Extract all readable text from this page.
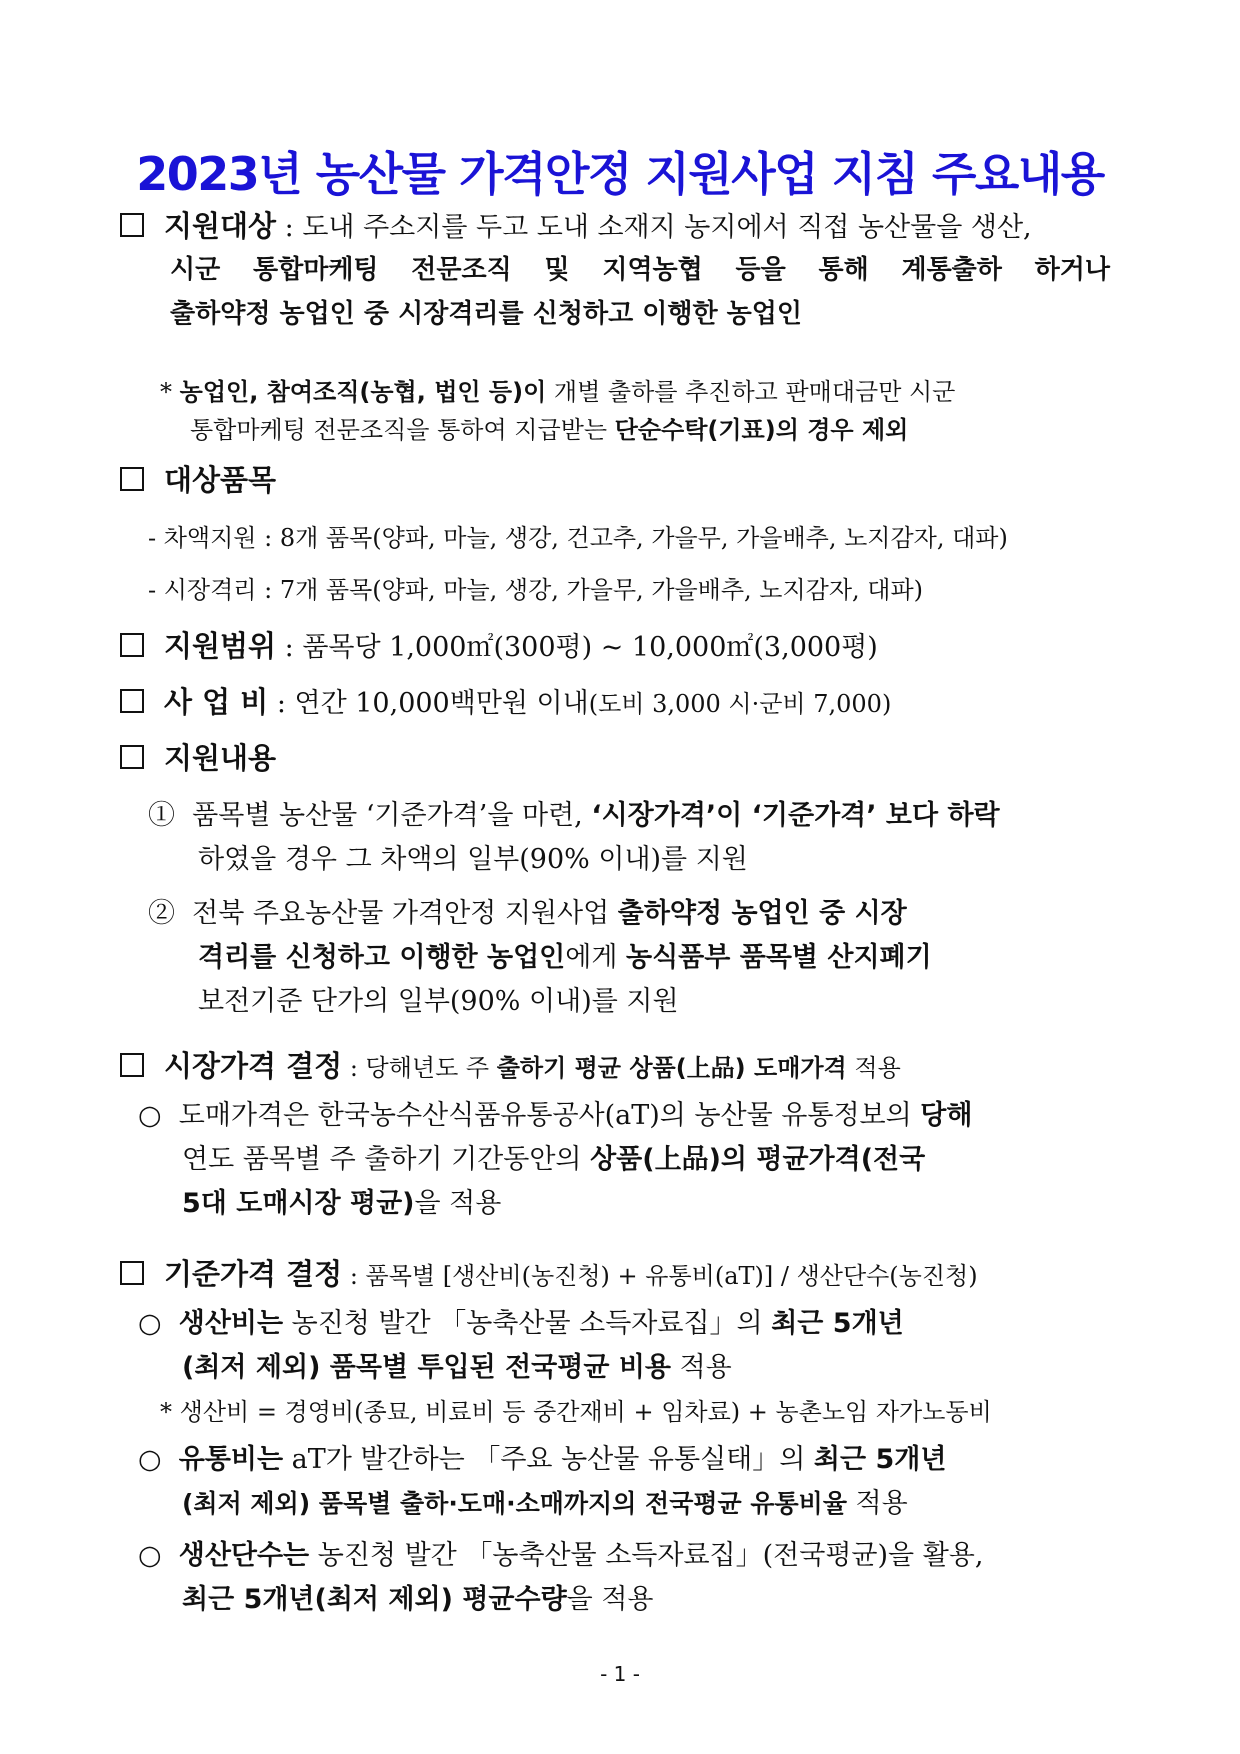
2023년 농산물 가격안정 지원사업 지침 주요내용
지원대상 : 도내 주소지를 두고 도내 소재지 농지에서 직접 농산물을 생산,
시군 통합마케팅 전문조직 및 지역농협 등을 통해 계통출하 하거나
출하약정 농업인 중 시장격리를 신청하고 이행한 농업인
* 농업인, 참여조직(농협, 법인 등)이 개별 출하를 추진하고 판매대금만 시군
통합마케팅 전문조직을 통하여 지급받는 단순수탁(기표)의 경우 제외
대상품목
- 차액지원 : 8개 품목(양파, 마늘, 생강, 건고추, 가을무, 가을배추, 노지감자, 대파)
- 시장격리 : 7개 품목(양파, 마늘, 생강, 가을무, 가을배추, 노지감자, 대파)
지원범위 : 품목당 1,000㎡(300평) ~ 10,000㎡(3,000평)
사 업 비 : 연간 10,000백만원 이내(도비 3,000 시·군비 7,000)
지원내용
① 품목별 농산물 ‘기준가격’을 마련, ‘시장가격’이 ‘기준가격’ 보다 하락
하였을 경우 그 차액의 일부(90% 이내)를 지원
② 전북 주요농산물 가격안정 지원사업 출하약정 농업인 중 시장
격리를 신청하고 이행한 농업인에게 농식품부 품목별 산지폐기
보전기준 단가의 일부(90% 이내)를 지원
시장가격 결정 : 당해년도 주 출하기 평균 상품(上品) 도매가격 적용
○ 도매가격은 한국농수산식품유통공사(aT)의 농산물 유통정보의 당해
연도 품목별 주 출하기 기간동안의 상품(上品)의 평균가격(전국
5대 도매시장 평균)을 적용
기준가격 결정 : 품목별 [생산비(농진청) + 유통비(aT)] / 생산단수(농진청)
○ 생산비는 농진청 발간 「농축산물 소득자료집」의 최근 5개년
(최저 제외) 품목별 투입된 전국평균 비용 적용
* 생산비 = 경영비(종묘, 비료비 등 중간재비 + 임차료) + 농촌노임 자가노동비
○ 유통비는 aT가 발간하는 「주요 농산물 유통실태」의 최근 5개년
(최저 제외) 품목별 출하·도매·소매까지의 전국평균 유통비율 적용
○ 생산단수는 농진청 발간 「농축산물 소득자료집」(전국평균)을 활용,
최근 5개년(최저 제외) 평균수량을 적용
- 1 -
